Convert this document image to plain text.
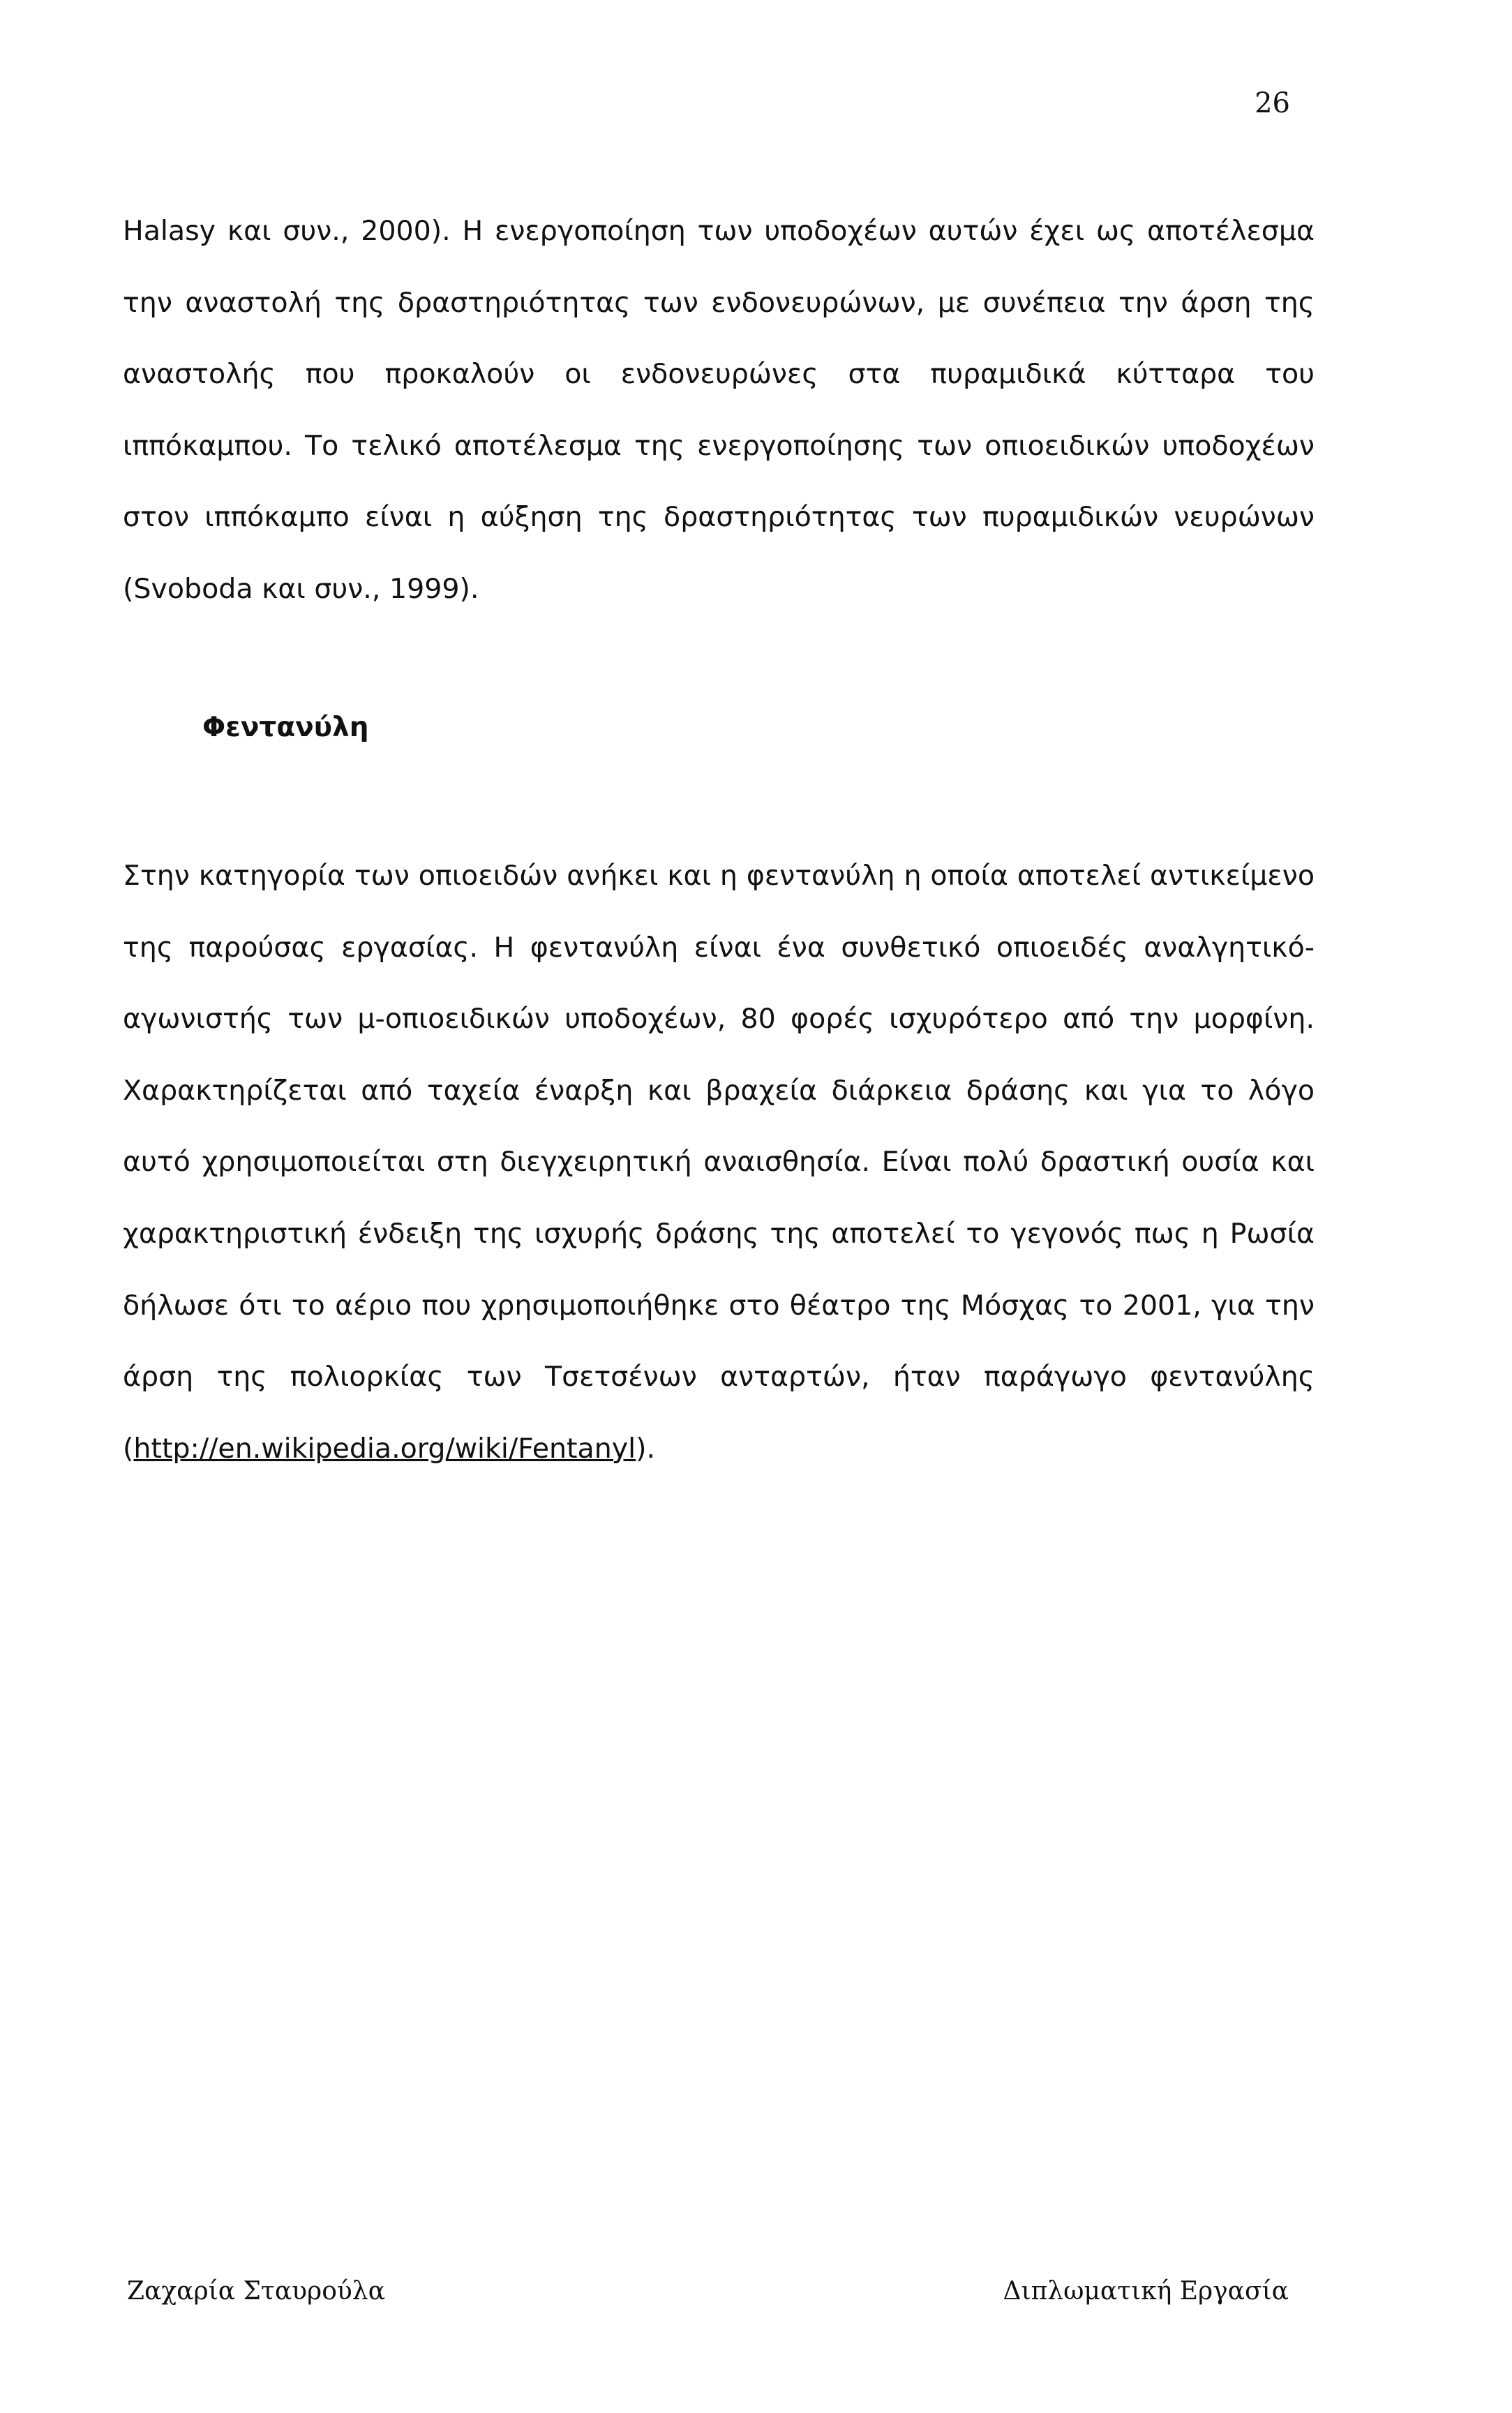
26

Halasy και συν., 2000). Η ενεργοποίηση των υποδοχέων αυτών έχει ως αποτέλεσμα την αναστολή της δραστηριότητας των ενδονευρώνων, με συνέπεια την άρση της αναστολής που προκαλούν οι ενδονευρώνες στα πυραμιδικά κύτταρα του ιππόκαμπου. Το τελικό αποτέλεσμα της ενεργοποίησης των οπιοειδικών υποδοχέων στον ιππόκαμπο είναι η αύξηση της δραστηριότητας των πυραμιδικών νευρώνων (Svoboda και συν., 1999).

Φεντανύλη

Στην κατηγορία των οπιοειδών ανήκει και η φεντανύλη η οποία αποτελεί αντικείμενο της παρούσας εργασίας. Η φεντανύλη είναι ένα συνθετικό οπιοειδές αναλγητικό-αγωνιστής των μ-οπιοειδικών υποδοχέων, 80 φορές ισχυρότερο από την μορφίνη. Χαρακτηρίζεται από ταχεία έναρξη και βραχεία διάρκεια δράσης και για το λόγο αυτό χρησιμοποιείται στη διεγχειρητική αναισθησία. Είναι πολύ δραστική ουσία και χαρακτηριστική ένδειξη της ισχυρής δράσης της αποτελεί το γεγονός πως η Ρωσία δήλωσε ότι το αέριο που χρησιμοποιήθηκε στο θέατρο της Μόσχας το 2001, για την άρση της πολιορκίας των Τσετσένων ανταρτών, ήταν παράγωγο φεντανύλης (http://en.wikipedia.org/wiki/Fentanyl).

Ζαχαρία Σταυρούλα	Διπλωματική Εργασία
